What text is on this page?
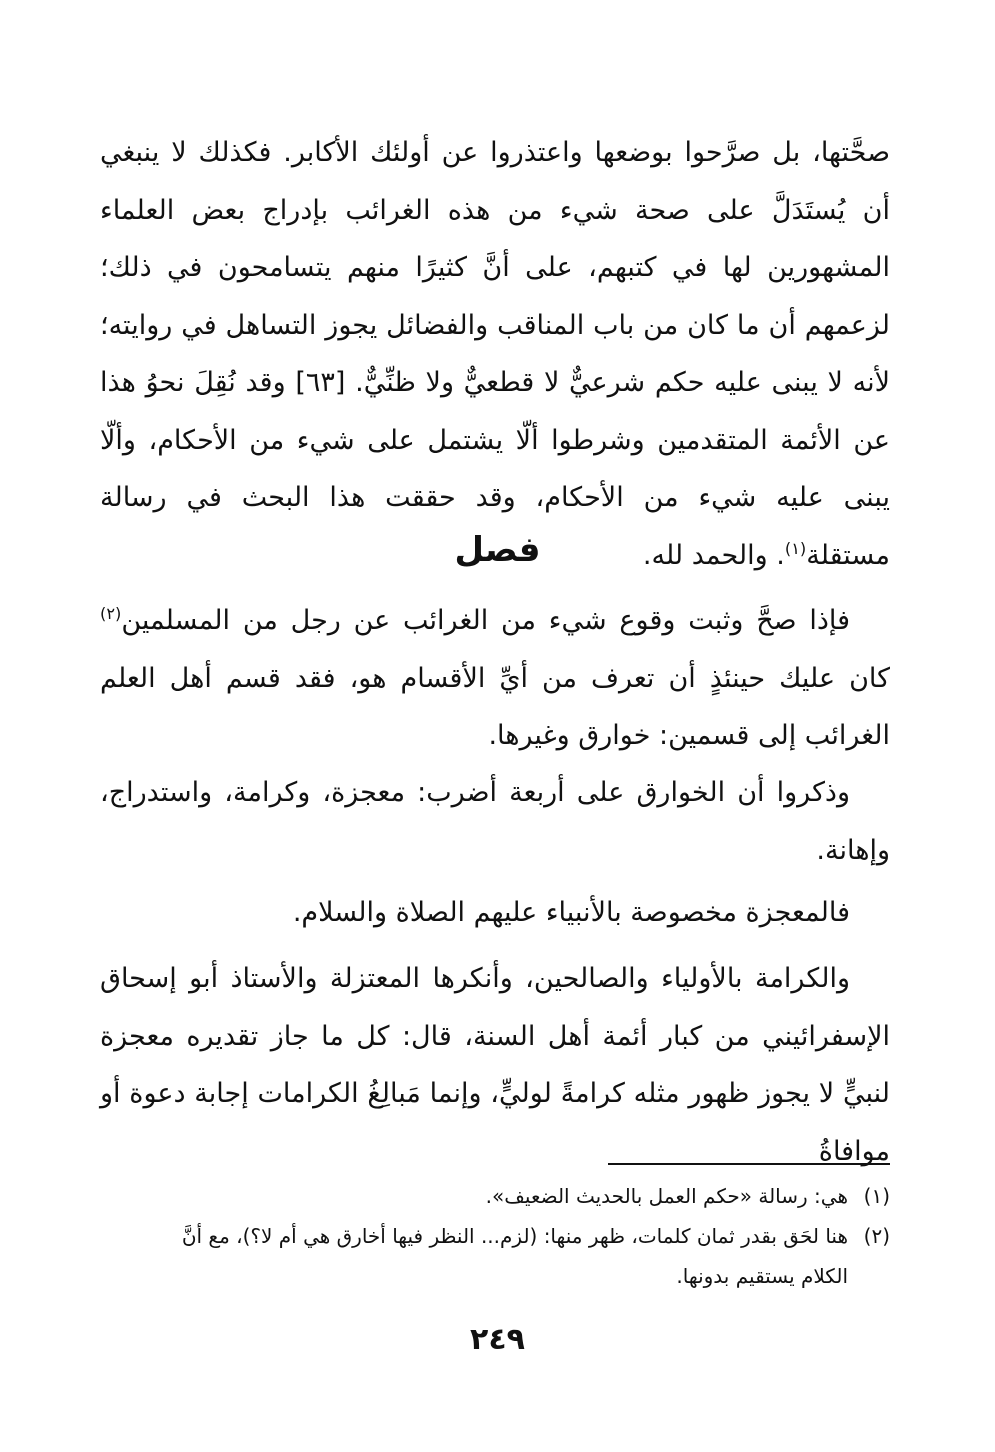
صحَّتها، بل صرَّحوا بوضعها واعتذروا عن أولئك الأكابر. فكذلك لا ينبغي أن يُستَدَلَّ على صحة شيء من هذه الغرائب بإدراج بعض العلماء المشهورين لها في كتبهم، على أنَّ كثيرًا منهم يتسامحون في ذلك؛ لزعمهم أن ما كان من باب المناقب والفضائل يجوز التساهل في روايته؛ لأنه لا يبنى عليه حكم شرعيٌّ لا قطعيٌّ ولا ظنِّيٌّ. [٦٣] وقد نُقِلَ نحوُ هذا عن الأئمة المتقدمين وشرطوا ألّا يشتمل على شيء من الأحكام، وألّا يبنى عليه شيء من الأحكام، وقد حققت هذا البحث في رسالة مستقلة$^{(١)}$. والحمد لله.

فصل

فإذا صحَّ وثبت وقوع شيء من الغرائب عن رجل من المسلمين$^{(٢)}$ كان عليك حينئذٍ أن تعرف من أيِّ الأقسام هو، فقد قسم أهل العلم الغرائب إلى قسمين: خوارق وغيرها.

وذكروا أن الخوارق على أربعة أضرب: معجزة، وكرامة، واستدراج، وإهانة.

فالمعجزة مخصوصة بالأنبياء عليهم الصلاة والسلام.

والكرامة بالأولياء والصالحين، وأنكرها المعتزلة والأستاذ أبو إسحاق الإسفرائيني من كبار أئمة أهل السنة، قال: كل ما جاز تقديره معجزة لنبيٍّ لا يجوز ظهور مثله كرامةً لوليٍّ، وإنما مَبالِغُ الكرامات إجابة دعوة أو موافاةُ

(١)هي: رسالة «حكم العمل بالحديث الضعيف».

(٢)هنا لحَق بقدر ثمان كلمات، ظهر منها: (لزم... النظر فيها أخارق هي أم لا؟)، مع أنَّ

الكلام يستقيم بدونها.

٢٤٩
